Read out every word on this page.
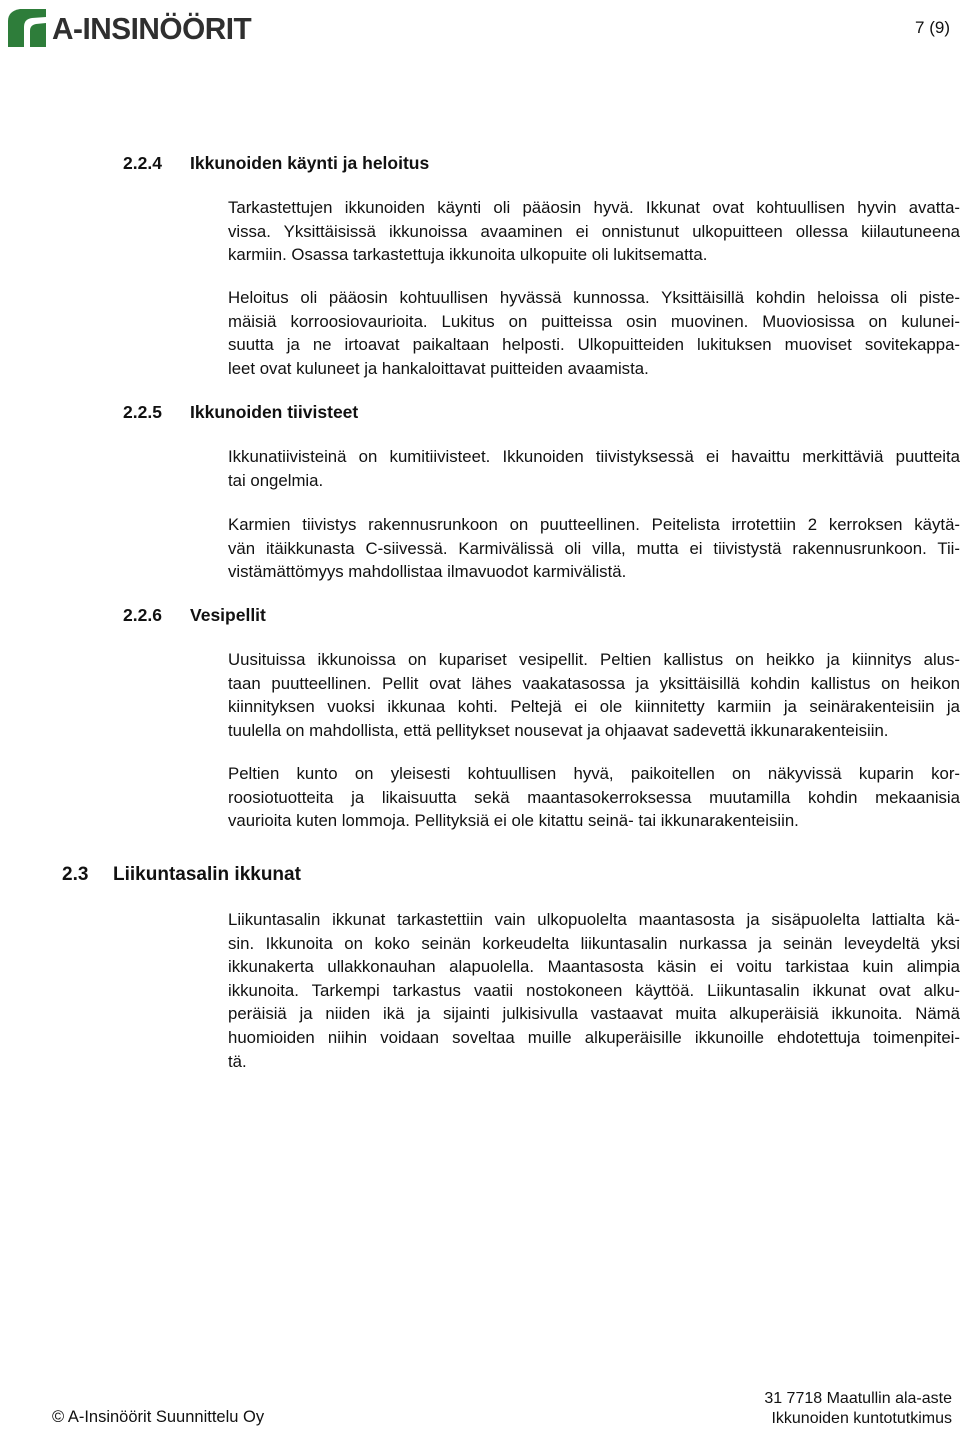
A-INSINÖÖRIT	7 (9)
2.2.4 Ikkunoiden käynti ja heloitus
Tarkastettujen ikkunoiden käynti oli pääosin hyvä. Ikkunat ovat kohtuullisen hyvin avatta-
vissa. Yksittäisissä ikkunoissa avaaminen ei onnistunut ulkopuitteen ollessa kiilautuneena
karmiin. Osassa tarkastettuja ikkunoita ulkopuite oli lukitsematta.
Heloitus oli pääosin kohtuullisen hyvässä kunnossa. Yksittäisillä kohdin heloissa oli piste-
mäisiä korroosiovaurioita. Lukitus on puitteissa osin muovinen. Muoviosissa on kulunei-
suutta ja ne irtoavat paikaltaan helposti. Ulkopuitteiden lukituksen muoviset sovitekappa-
leet ovat kuluneet ja hankaloittavat puitteiden avaamista.
2.2.5 Ikkunoiden tiivisteet
Ikkunatiivisteinä on kumitiivisteet. Ikkunoiden tiivistyksessä ei havaittu merkittäviä puutteita
tai ongelmia.
Karmien tiivistys rakennusrunkoon on puutteellinen. Peitelista irrotettiin 2 kerroksen käytä-
vän itäikkunasta C-siivessä. Karmivälissä oli villa, mutta ei tiivistystä rakennusrunkoon. Tii-
vistämättömyys mahdollistaa ilmavuodot karmivälistä.
2.2.6 Vesipellit
Uusituissa ikkunoissa on kupariset vesipellit. Peltien kallistus on heikko ja kiinnitys alus-
taan puutteellinen. Pellit ovat lähes vaakatasossa ja yksittäisillä kohdin kallistus on heikon
kiinnityksen vuoksi ikkunaa kohti. Peltejä ei ole kiinnitetty karmiin ja seinärakenteisiin ja
tuulella on mahdollista, että pellitykset nousevat ja ohjaavat sadevettä ikkunarakenteisiin.
Peltien kunto on yleisesti kohtuullisen hyvä, paikoitellen on näkyvissä kuparin kor-
roosiotuotteita ja likaisuutta sekä maantasokerroksessa muutamilla kohdin mekaanisia
vaurioita kuten lommoja. Pellityksiä ei ole kitattu seinä- tai ikkunarakenteisiin.
2.3 Liikuntasalin ikkunat
Liikuntasalin ikkunat tarkastettiin vain ulkopuolelta maantasosta ja sisäpuolelta lattialta kä-
sin. Ikkunoita on koko seinän korkeudelta liikuntasalin nurkassa ja seinän leveydeltä yksi
ikkunakerta ullakkonauhan alapuolella. Maantasosta käsin ei voitu tarkistaa kuin alimpia
ikkunoita. Tarkempi tarkastus vaatii nostokoneen käyttöä. Liikuntasalin ikkunat ovat alku-
peräisiä ja niiden ikä ja sijainti julkisivulla vastaavat muita alkuperäisiä ikkunoita. Nämä
huomioiden niihin voidaan soveltaa muille alkuperäisille ikkunoille ehdotettuja toimenpitei-
tä.
© A-Insinöörit Suunnittelu Oy
31 7718 Maatullin ala-aste
Ikkunoiden kuntotutkimus
